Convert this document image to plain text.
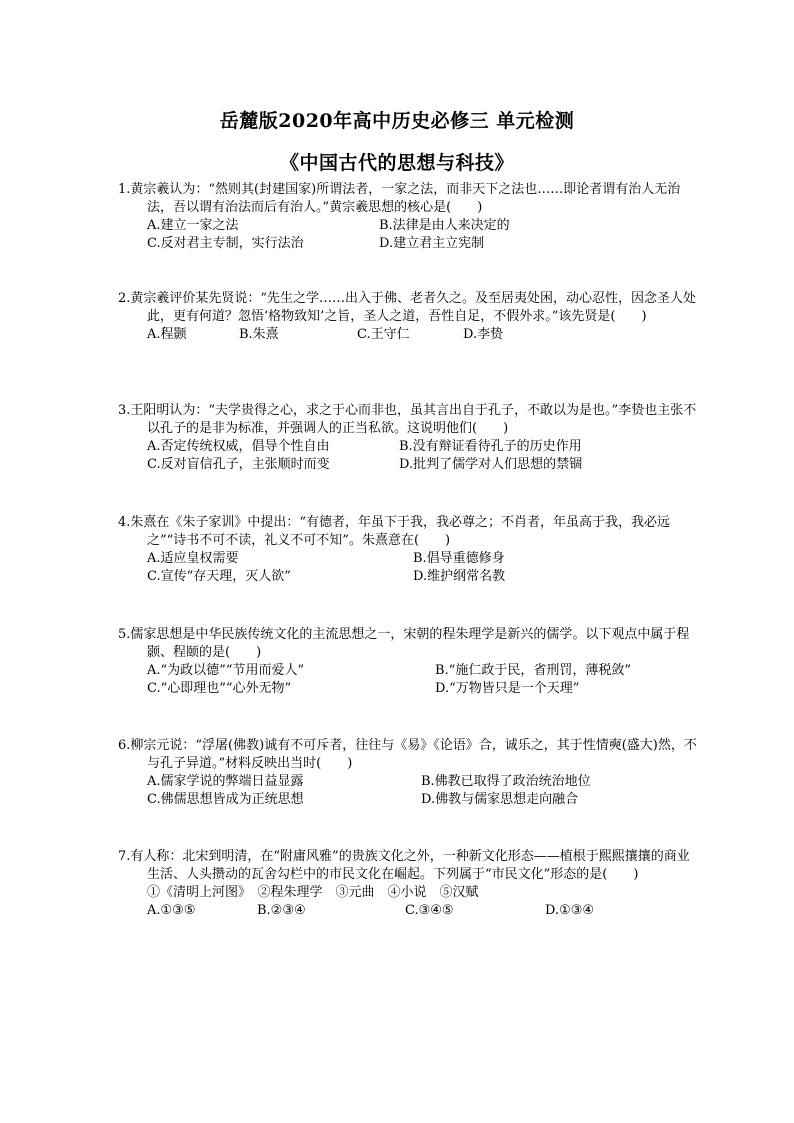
岳麓版2020年高中历史必修三 单元检测
《中国古代的思想与科技》
1.黄宗羲认为：“然则其(封建国家)所谓法者，一家之法，而非天下之法也……即论者谓有治人无治法，吾以谓有治法而后有治人。”黄宗羲思想的核心是(　　)
A.建立一家之法	B.法律是由人来决定的
C.反对君主专制，实行法治	D.建立君主立宪制
2.黄宗羲评价某先贤说：“先生之学……出入于佛、老者久之。及至居夷处困，动心忍性，因念圣人处此，更有何道？忽悟‘格物致知’之旨，圣人之道，吾性自足，不假外求。”该先贤是(　　)
A.程颢	B.朱熹	C.王守仁	D.李贽
3.王阳明认为：“夫学贵得之心，求之于心而非也，虽其言出自于孔子，不敢以为是也。”李贽也主张不以孔子的是非为标准，并强调人的正当私欲。这说明他们(　　)
A.否定传统权威，倡导个性自由	B.没有辩证看待孔子的历史作用
C.反对盲信孔子，主张顺时而变	D.批判了儒学对人们思想的禁锢
4.朱熹在《朱子家训》中提出：“有德者，年虽下于我，我必尊之；不肖者，年虽高于我，我必远之”“诗书不可不读，礼义不可不知”。朱熹意在(　　)
A.适应皇权需要	B.倡导重德修身
C.宣传“存天理，灭人欲”	D.维护纲常名教
5.儒家思想是中华民族传统文化的主流思想之一，宋朝的程朱理学是新兴的儒学。以下观点中属于程颢、程颐的是(　　)
A.“为政以德”“节用而爱人”	B.“施仁政于民，省刑罚，薄税敛”
C.“心即理也”“心外无物”	D.“万物皆只是一个天理”
6.柳宗元说：“浮屠(佛教)诚有不可斥者，往往与《易》《论语》合，诚乐之，其于性情奭(盛大)然，不与孔子异道。”材料反映出当时(　　)
A.儒家学说的弊端日益显露	B.佛教已取得了政治统治地位
C.佛儒思想皆成为正统思想	D.佛教与儒家思想走向融合
7.有人称：北宋到明清，在“附庸风雅”的贵族文化之外，一种新文化形态——植根于熙熙攘攘的商业生活、人头攒动的瓦舍勾栏中的市民文化在崛起。下列属于“市民文化”形态的是(　　)
①《清明上河图》　②程朱理学　③元曲　④小说　⑤汉赋
A.①③⑤	B.②③④	C.③④⑤	D.①③④
